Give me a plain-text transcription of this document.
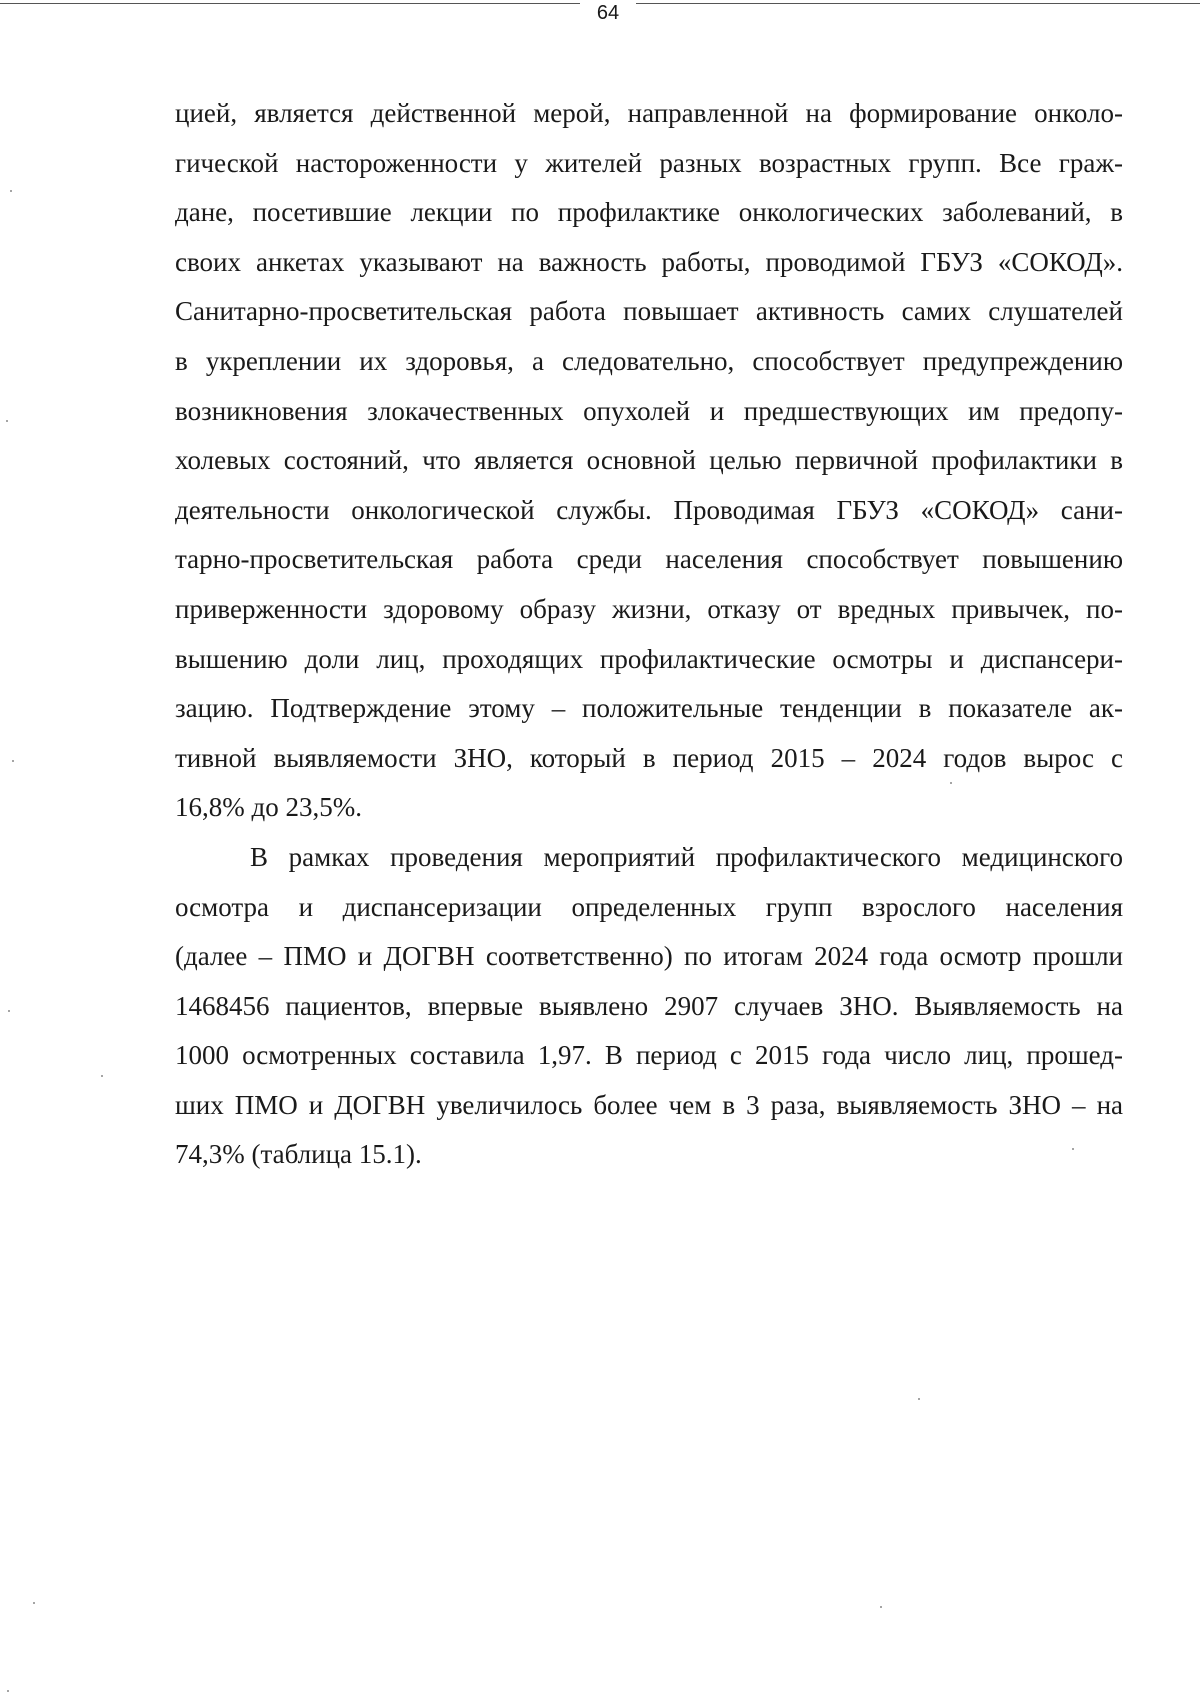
64
цией, является действенной мерой, направленной на формирование онколо-
гической настороженности у жителей разных возрастных групп. Все граж-
дане, посетившие лекции по профилактике онкологических заболеваний, в
своих анкетах указывают на важность работы, проводимой ГБУЗ «СОКОД».
Санитарно-просветительская работа повышает активность самих слушателей
в укреплении их здоровья, а следовательно, способствует предупреждению
возникновения злокачественных опухолей и предшествующих им предопу-
холевых состояний, что является основной целью первичной профилактики в
деятельности онкологической службы. Проводимая ГБУЗ «СОКОД» сани-
тарно-просветительская работа среди населения способствует повышению
приверженности здоровому образу жизни, отказу от вредных привычек, по-
вышению доли лиц, проходящих профилактические осмотры и диспансери-
зацию. Подтверждение этому – положительные тенденции в показателе ак-
тивной выявляемости ЗНО, который в период 2015 – 2024 годов вырос с
16,8% до 23,5%.
В рамках проведения мероприятий профилактического медицинского
осмотра и диспансеризации определенных групп взрослого населения
(далее – ПМО и ДОГВН соответственно) по итогам 2024 года осмотр прошли
1468456 пациентов, впервые выявлено 2907 случаев ЗНО. Выявляемость на
1000 осмотренных составила 1,97. В период с 2015 года число лиц, прошед-
ших ПМО и ДОГВН увеличилось более чем в 3 раза, выявляемость ЗНО – на
74,3% (таблица 15.1).
